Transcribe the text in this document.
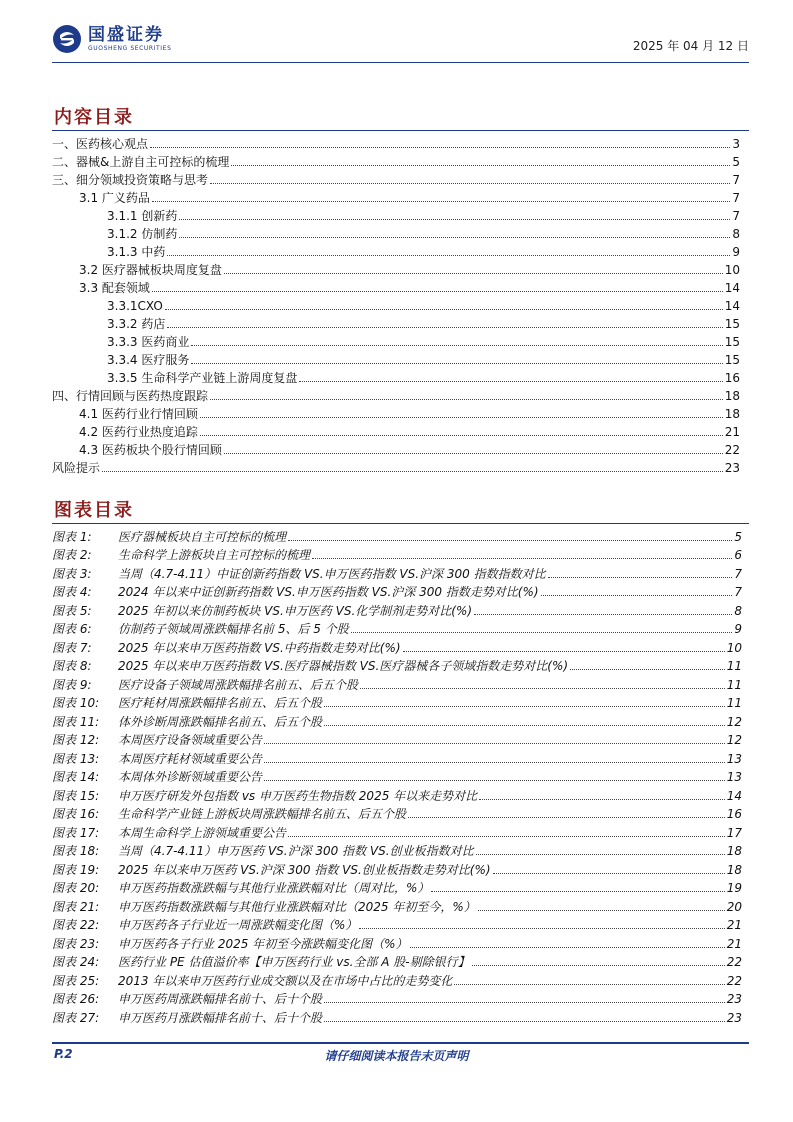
国盛证券
GUOSHENG SECURITIES	2025 年 04 月 12 日
内容目录
一、医药核心观点	3
二、器械&上游自主可控标的梳理	5
三、细分领域投资策略与思考	7
3.1 广义药品	7
3.1.1 创新药	7
3.1.2 仿制药	8
3.1.3 中药	9
3.2 医疗器械板块周度复盘	10
3.3 配套领域	14
3.3.1CXO	14
3.3.2 药店	15
3.3.3 医药商业	15
3.3.4 医疗服务	15
3.3.5 生命科学产业链上游周度复盘	16
四、行情回顾与医药热度跟踪	18
4.1 医药行业行情回顾	18
4.2 医药行业热度追踪	21
4.3 医药板块个股行情回顾	22
风险提示	23
图表目录
图表 1:	医疗器械板块自主可控标的梳理	5
图表 2:	生命科学上游板块自主可控标的梳理	6
图表 3:	当周（4.7-4.11）中证创新药指数 VS.申万医药指数 VS.沪深 300 指数指数对比	7
图表 4:	2024 年以来中证创新药指数 VS.申万医药指数 VS.沪深 300 指数走势对比(%)	7
图表 5:	2025 年初以来仿制药板块 VS.申万医药 VS.化学制剂走势对比(%)	8
图表 6:	仿制药子领域周涨跌幅排名前 5、后 5 个股	9
图表 7:	2025 年以来申万医药指数 VS.中药指数走势对比(%)	10
图表 8:	2025 年以来申万医药指数 VS.医疗器械指数 VS.医疗器械各子领域指数走势对比(%)	11
图表 9:	医疗设备子领域周涨跌幅排名前五、后五个股	11
图表 10:	医疗耗材周涨跌幅排名前五、后五个股	11
图表 11:	体外诊断周涨跌幅排名前五、后五个股	12
图表 12:	本周医疗设备领域重要公告	12
图表 13:	本周医疗耗材领域重要公告	13
图表 14:	本周体外诊断领域重要公告	13
图表 15:	申万医疗研发外包指数 vs 申万医药生物指数 2025 年以来走势对比	14
图表 16:	生命科学产业链上游板块周涨跌幅排名前五、后五个股	16
图表 17:	本周生命科学上游领域重要公告	17
图表 18:	当周（4.7-4.11）申万医药 VS.沪深 300 指数 VS.创业板指数对比	18
图表 19:	2025 年以来申万医药 VS.沪深 300 指数 VS.创业板指数走势对比(%)	18
图表 20:	申万医药指数涨跌幅与其他行业涨跌幅对比（周对比，%）	19
图表 21:	申万医药指数涨跌幅与其他行业涨跌幅对比（2025 年初至今，%）	20
图表 22:	申万医药各子行业近一周涨跌幅变化图（%）	21
图表 23:	申万医药各子行业 2025 年初至今涨跌幅变化图（%）	21
图表 24:	医药行业 PE 估值溢价率【申万医药行业 vs.全部 A 股-剔除银行】	22
图表 25:	2013 年以来申万医药行业成交额以及在市场中占比的走势变化	22
图表 26:	申万医药周涨跌幅排名前十、后十个股	23
图表 27:	申万医药月涨跌幅排名前十、后十个股	23
P.2	请仔细阅读本报告末页声明
